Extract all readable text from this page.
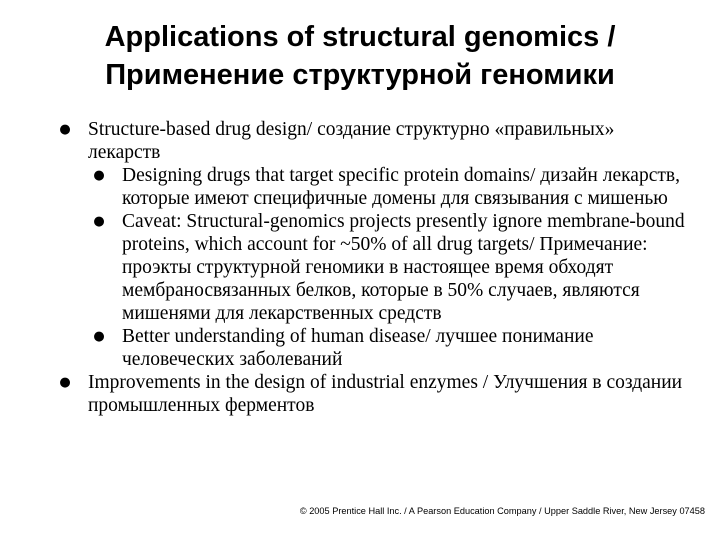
Applications of structural genomics /
Применение структурной геномики
● Structure-based drug design/ создание структурно «правильных» лекарств
● Designing drugs that target specific protein domains/ дизайн лекарств, которые имеют специфичные домены для связывания с мишенью
● Caveat: Structural-genomics projects presently ignore membrane-bound proteins, which account for ~50% of all drug targets/ Примечание: проэкты структурной геномики в настоящее время обходят мембраносвязанных белков, которые в 50% случаев, являются мишенями для лекарственных средств
● Better understanding of human disease/ лучшее понимание человеческих заболеваний
● Improvements in the design of industrial enzymes / Улучшения в создании промышленных ферментов
© 2005 Prentice Hall Inc. / A Pearson Education Company / Upper Saddle River, New Jersey 07458
